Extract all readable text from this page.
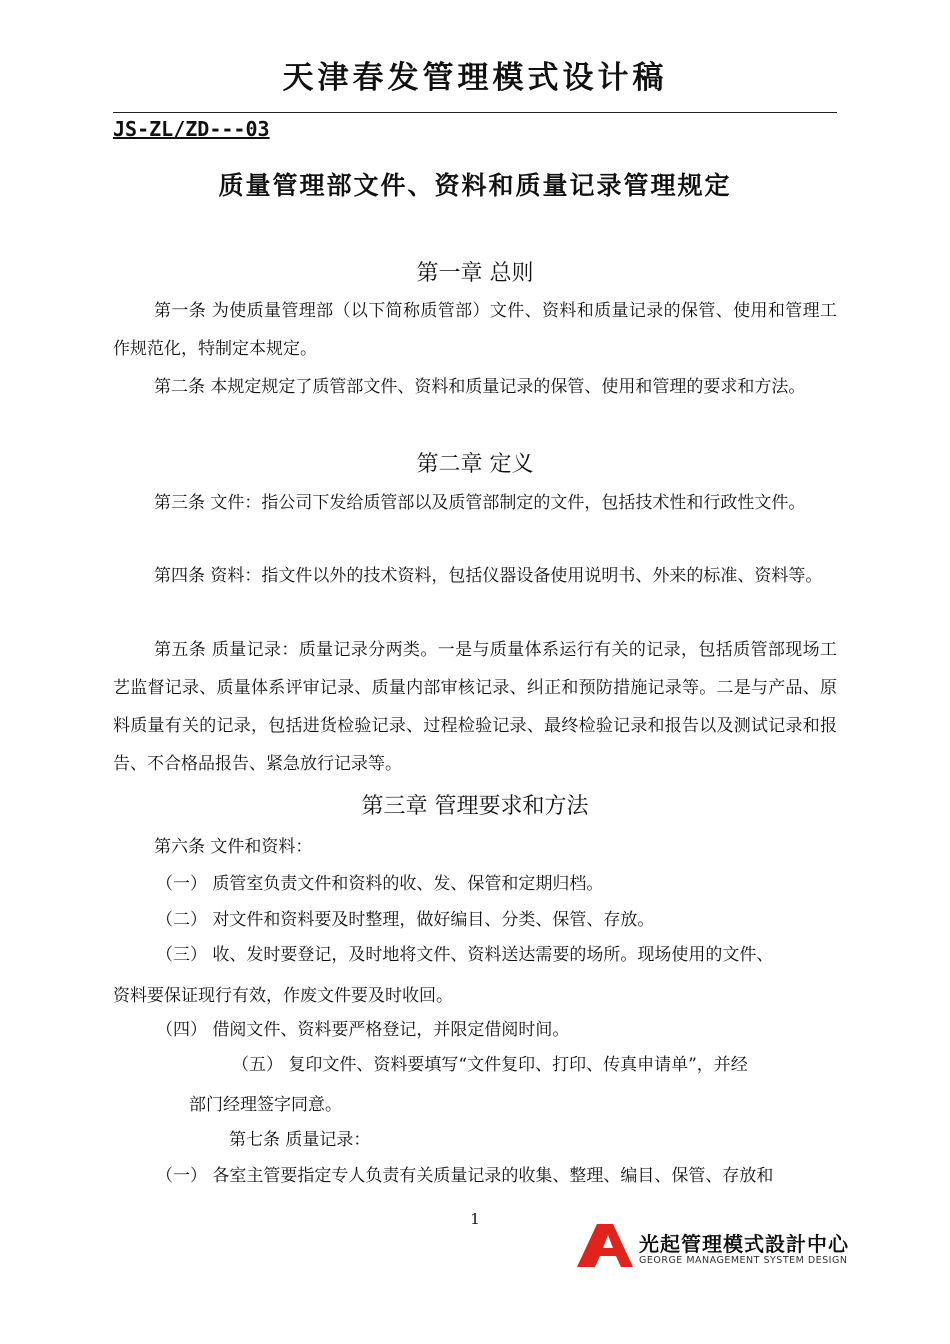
天津春发管理模式设计稿
JS-ZL/ZD---03
质量管理部文件、资料和质量记录管理规定
第一章 总则
第一条 为使质量管理部（以下简称质管部）文件、资料和质量记录的保管、使用和管理工作规范化，特制定本规定。
第二条 本规定规定了质管部文件、资料和质量记录的保管、使用和管理的要求和方法。
第二章 定义
第三条 文件：指公司下发给质管部以及质管部制定的文件，包括技术性和行政性文件。
第四条 资料：指文件以外的技术资料，包括仪器设备使用说明书、外来的标准、资料等。
第五条 质量记录：质量记录分两类。一是与质量体系运行有关的记录，包括质管部现场工艺监督记录、质量体系评审记录、质量内部审核记录、纠正和预防措施记录等。二是与产品、原料质量有关的记录，包括进货检验记录、过程检验记录、最终检验记录和报告以及测试记录和报告、不合格品报告、紧急放行记录等。
第三章 管理要求和方法
第六条 文件和资料：
（一） 质管室负责文件和资料的收、发、保管和定期归档。
（二） 对文件和资料要及时整理，做好编目、分类、保管、存放。
（三） 收、发时要登记，及时地将文件、资料送达需要的场所。现场使用的文件、
资料要保证现行有效，作废文件要及时收回。
（四） 借阅文件、资料要严格登记，并限定借阅时间。
（五） 复印文件、资料要填写“文件复印、打印、传真申请单”，并经
部门经理签字同意。
第七条 质量记录：
（一） 各室主管要指定专人负责有关质量记录的收集、整理、编目、保管、存放和
1
光起管理模式設計中心
GEORGE MANAGEMENT SYSTEM DESIGN
